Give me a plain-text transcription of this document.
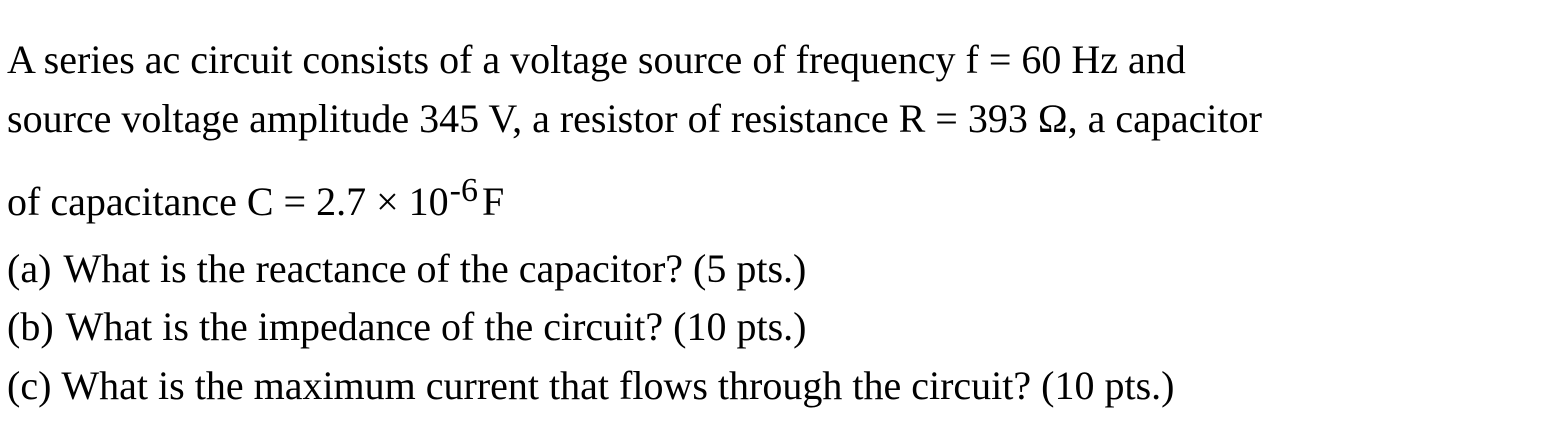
A series ac circuit consists of a voltage source of frequency f = 60 Hz and
source voltage amplitude 345 V, a resistor of resistance R = 393 Ω, a capacitor
of capacitance $C = 2.7 \times 10^{-6}$ F
(a) What is the reactance of the capacitor? (5 pts.)
(b) What is the impedance of the circuit? (10 pts.)
(c) What is the maximum current that flows through the circuit? (10 pts.)
